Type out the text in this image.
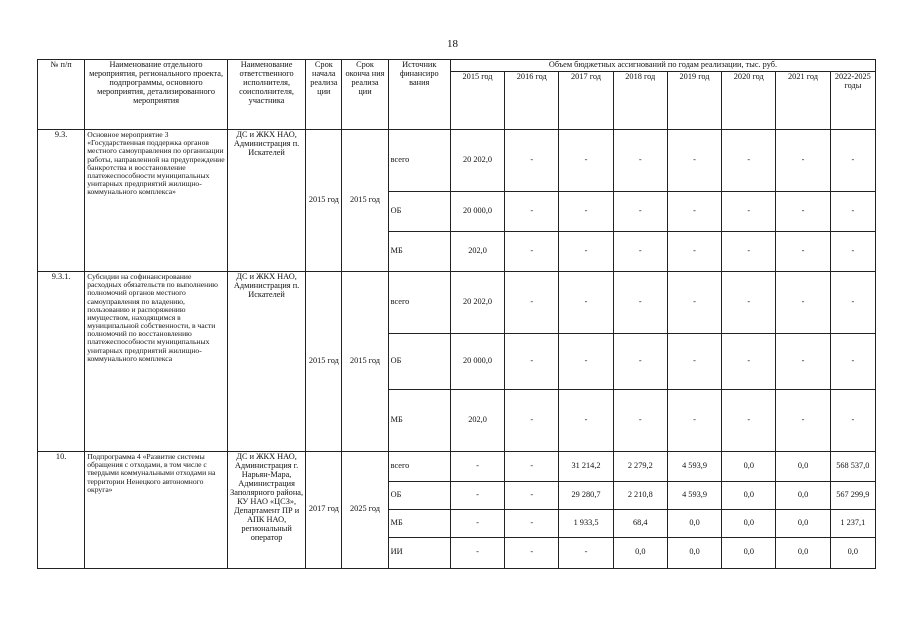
18
№ п/п	Наименование отдельного мероприятия, регионального проекта, подпрограммы, основного мероприятия, детализированного мероприятия	Наименование ответственного исполнителя, соисполнителя, участника	Срок начала реализа ции	Срок оконча ния реализа ции	Источник финансиро вания	Объем бюджетных ассигнований по годам реализации, тыс. руб.							
						2015 год	2016 год	2017 год	2018 год	2019 год	2020 год	2021 год	2022-2025 годы
9.3.	Основное мероприятие 3 «Государственная поддержка органов местного самоуправления по организации работы, направленной на предупреждение банкротства и восстановление платежеспособности муниципальных унитарных предприятий жилищно-коммунального комплекса»	ДС и ЖКХ НАО, Администрация п. Искателей	2015 год	2015 год	всего	20 202,0	-	-	-	-	-	-	-
					ОБ	20 000,0	-	-	-	-	-	-	-
					МБ	202,0	-	-	-	-	-	-	-
9.3.1.	Субсидии на софинансирование расходных обязательств по выполнению полномочий органов местного самоуправления по владению, пользованию и распоряжению имуществом, находящимся в муниципальной собственности, в части полномочий по восстановлению платежеспособности муниципальных унитарных предприятий жилищно-коммунального комплекса	ДС и ЖКХ НАО, Администрация п. Искателей	2015 год	2015 год	всего	20 202,0	-	-	-	-	-	-	-
					ОБ	20 000,0	-	-	-	-	-	-	-
					МБ	202,0	-	-	-	-	-	-	-
10.	Подпрограмма 4 «Развитие системы обращения с отходами, в том числе с твердыми коммунальными отходами на территории Ненецкого автономного округа»	ДС и ЖКХ НАО, Администрация г. Нарьян-Мара, Администрация Заполярного района, КУ НАО «ЦСЗ», Департамент ПР и АПК НАО, региональный оператор	2017 год	2025 год	всего	-	-	31 214,2	2 279,2	4 593,9	0,0	0,0	568 537,0
					ОБ	-	-	29 280,7	2 210,8	4 593,9	0,0	0,0	567 299,9
					МБ	-	-	1 933,5	68,4	0,0	0,0	0,0	1 237,1
					ИИ	-	-	-	0,0	0,0	0,0	0,0	0,0
